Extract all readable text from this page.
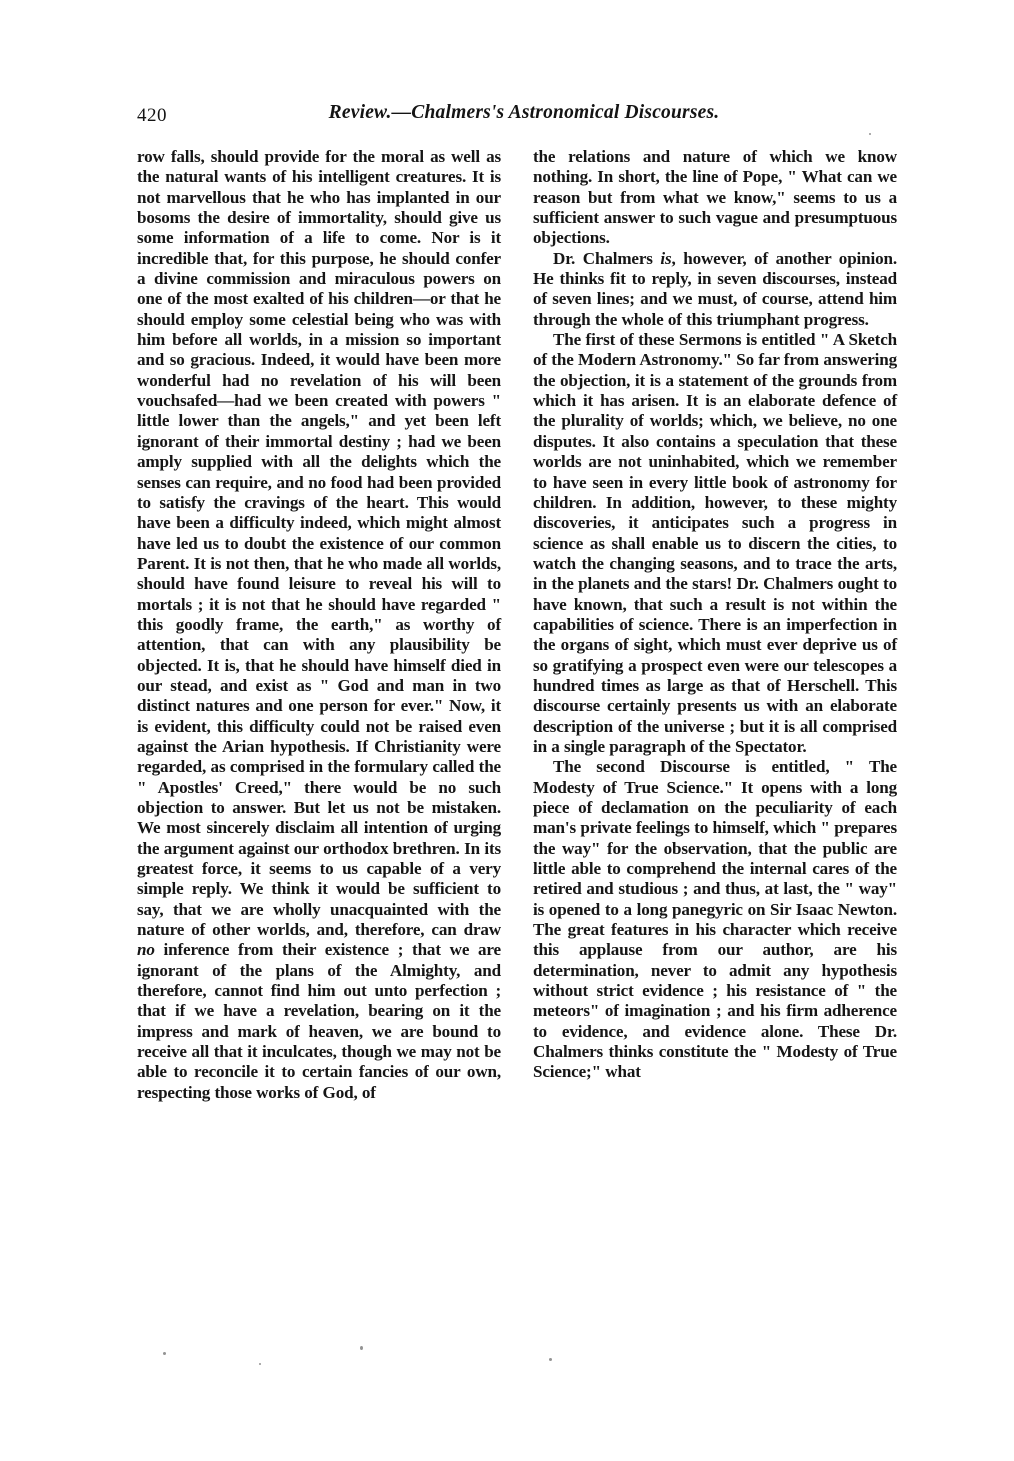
420	Review.—Chalmers's Astronomical Discourses.

row falls, should provide for the moral as well as the natural wants of his intelligent creatures. It is not marvellous that he who has implanted in our bosoms the desire of immortality, should give us some information of a life to come. Nor is it incredible that, for this purpose, he should confer a divine commission and miraculous powers on one of the most exalted of his children—or that he should employ some celestial being who was with him before all worlds, in a mission so important and so gracious. Indeed, it would have been more wonderful had no revelation of his will been vouchsafed—had we been created with powers " little lower than the angels," and yet been left ignorant of their immortal destiny ; had we been amply supplied with all the delights which the senses can require, and no food had been provided to satisfy the cravings of the heart. This would have been a difficulty indeed, which might almost have led us to doubt the existence of our common Parent. It is not then, that he who made all worlds, should have found leisure to reveal his will to mortals ; it is not that he should have regarded " this goodly frame, the earth," as worthy of attention, that can with any plausibility be objected. It is, that he should have himself died in our stead, and exist as " God and man in two distinct natures and one person for ever." Now, it is evident, this difficulty could not be raised even against the Arian hypothesis. If Christianity were regarded, as comprised in the formulary called the " Apostles' Creed," there would be no such objection to answer. But let us not be mistaken. We most sincerely disclaim all intention of urging the argument against our orthodox brethren. In its greatest force, it seems to us capable of a very simple reply. We think it would be sufficient to say, that we are wholly unacquainted with the nature of other worlds, and, therefore, can draw no inference from their existence ; that we are ignorant of the plans of the Almighty, and therefore, cannot find him out unto perfection ; that if we have a revelation, bearing on it the impress and mark of heaven, we are bound to receive all that it inculcates, though we may not be able to reconcile it to certain fancies of our own, respecting those works of God, of

the relations and nature of which we know nothing. In short, the line of Pope, " What can we reason but from what we know," seems to us a sufficient answer to such vague and presumptuous objections.

Dr. Chalmers is, however, of another opinion. He thinks fit to reply, in seven discourses, instead of seven lines; and we must, of course, attend him through the whole of this triumphant progress.

The first of these Sermons is entitled " A Sketch of the Modern Astronomy." So far from answering the objection, it is a statement of the grounds from which it has arisen. It is an elaborate defence of the plurality of worlds; which, we believe, no one disputes. It also contains a speculation that these worlds are not uninhabited, which we remember to have seen in every little book of astronomy for children. In addition, however, to these mighty discoveries, it anticipates such a progress in science as shall enable us to discern the cities, to watch the changing seasons, and to trace the arts, in the planets and the stars! Dr. Chalmers ought to have known, that such a result is not within the capabilities of science. There is an imperfection in the organs of sight, which must ever deprive us of so gratifying a prospect even were our telescopes a hundred times as large as that of Herschell. This discourse certainly presents us with an elaborate description of the universe ; but it is all comprised in a single paragraph of the Spectator.

The second Discourse is entitled, " The Modesty of True Science." It opens with a long piece of declamation on the peculiarity of each man's private feelings to himself, which " prepares the way" for the observation, that the public are little able to comprehend the internal cares of the retired and studious ; and thus, at last, the " way" is opened to a long panegyric on Sir Isaac Newton. The great features in his character which receive this applause from our author, are his determination, never to admit any hypothesis without strict evidence ; his resistance of " the meteors" of imagination ; and his firm adherence to evidence, and evidence alone. These Dr. Chalmers thinks constitute the " Modesty of True Science;" what
